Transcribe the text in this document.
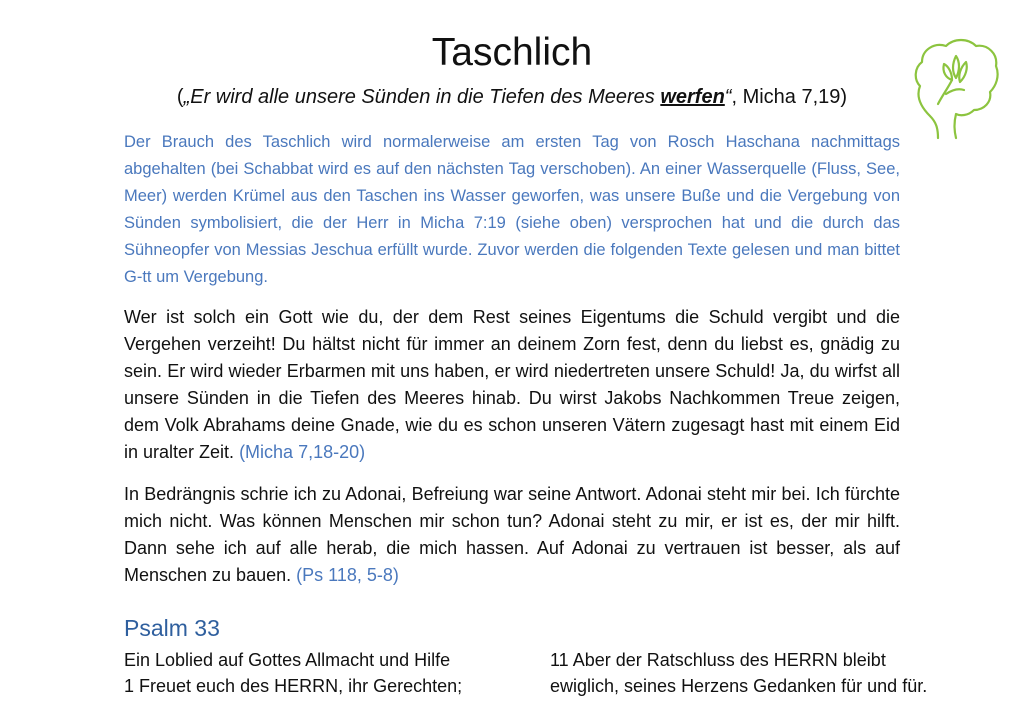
Taschlich
(„Er wird alle unsere Sünden in die Tiefen des Meeres werfen“, Micha 7,19)
Der Brauch des Taschlich wird normalerweise am ersten Tag von Rosch Haschana nachmittags abgehalten (bei Schabbat wird es auf den nächsten Tag verschoben). An einer Wasserquelle (Fluss, See, Meer) werden Krümel aus den Taschen ins Wasser geworfen, was unsere Buße und die Vergebung von Sünden symbolisiert, die der Herr in Micha 7:19 (siehe oben) versprochen hat und die durch das Sühneopfer von Messias Jeschua erfüllt wurde. Zuvor werden die folgenden Texte gelesen und man bittet G-tt um Vergebung.
Wer ist solch ein Gott wie du, der dem Rest seines Eigentums die Schuld vergibt und die Vergehen verzeiht! Du hältst nicht für immer an deinem Zorn fest, denn du liebst es, gnädig zu sein. Er wird wieder Erbarmen mit uns haben, er wird niedertreten unsere Schuld! Ja, du wirfst all unsere Sünden in die Tiefen des Meeres hinab. Du wirst Jakobs Nachkommen Treue zeigen, dem Volk Abrahams deine Gnade, wie du es schon unseren Vätern zugesagt hast mit einem Eid in uralter Zeit. (Micha 7,18-20)
In Bedrängnis schrie ich zu Adonai, Befreiung war seine Antwort. Adonai steht mir bei. Ich fürchte mich nicht. Was können Menschen mir schon tun? Adonai steht zu mir, er ist es, der mir hilft. Dann sehe ich auf alle herab, die mich hassen. Auf Adonai zu vertrauen ist besser, als auf Menschen zu bauen. (Ps 118, 5-8)
Psalm 33
Ein Loblied auf Gottes Allmacht und Hilfe
1 Freuet euch des HERRN, ihr Gerechten;
11 Aber der Ratschluss des HERRN bleibt
ewiglich, seines Herzens Gedanken für und für.
